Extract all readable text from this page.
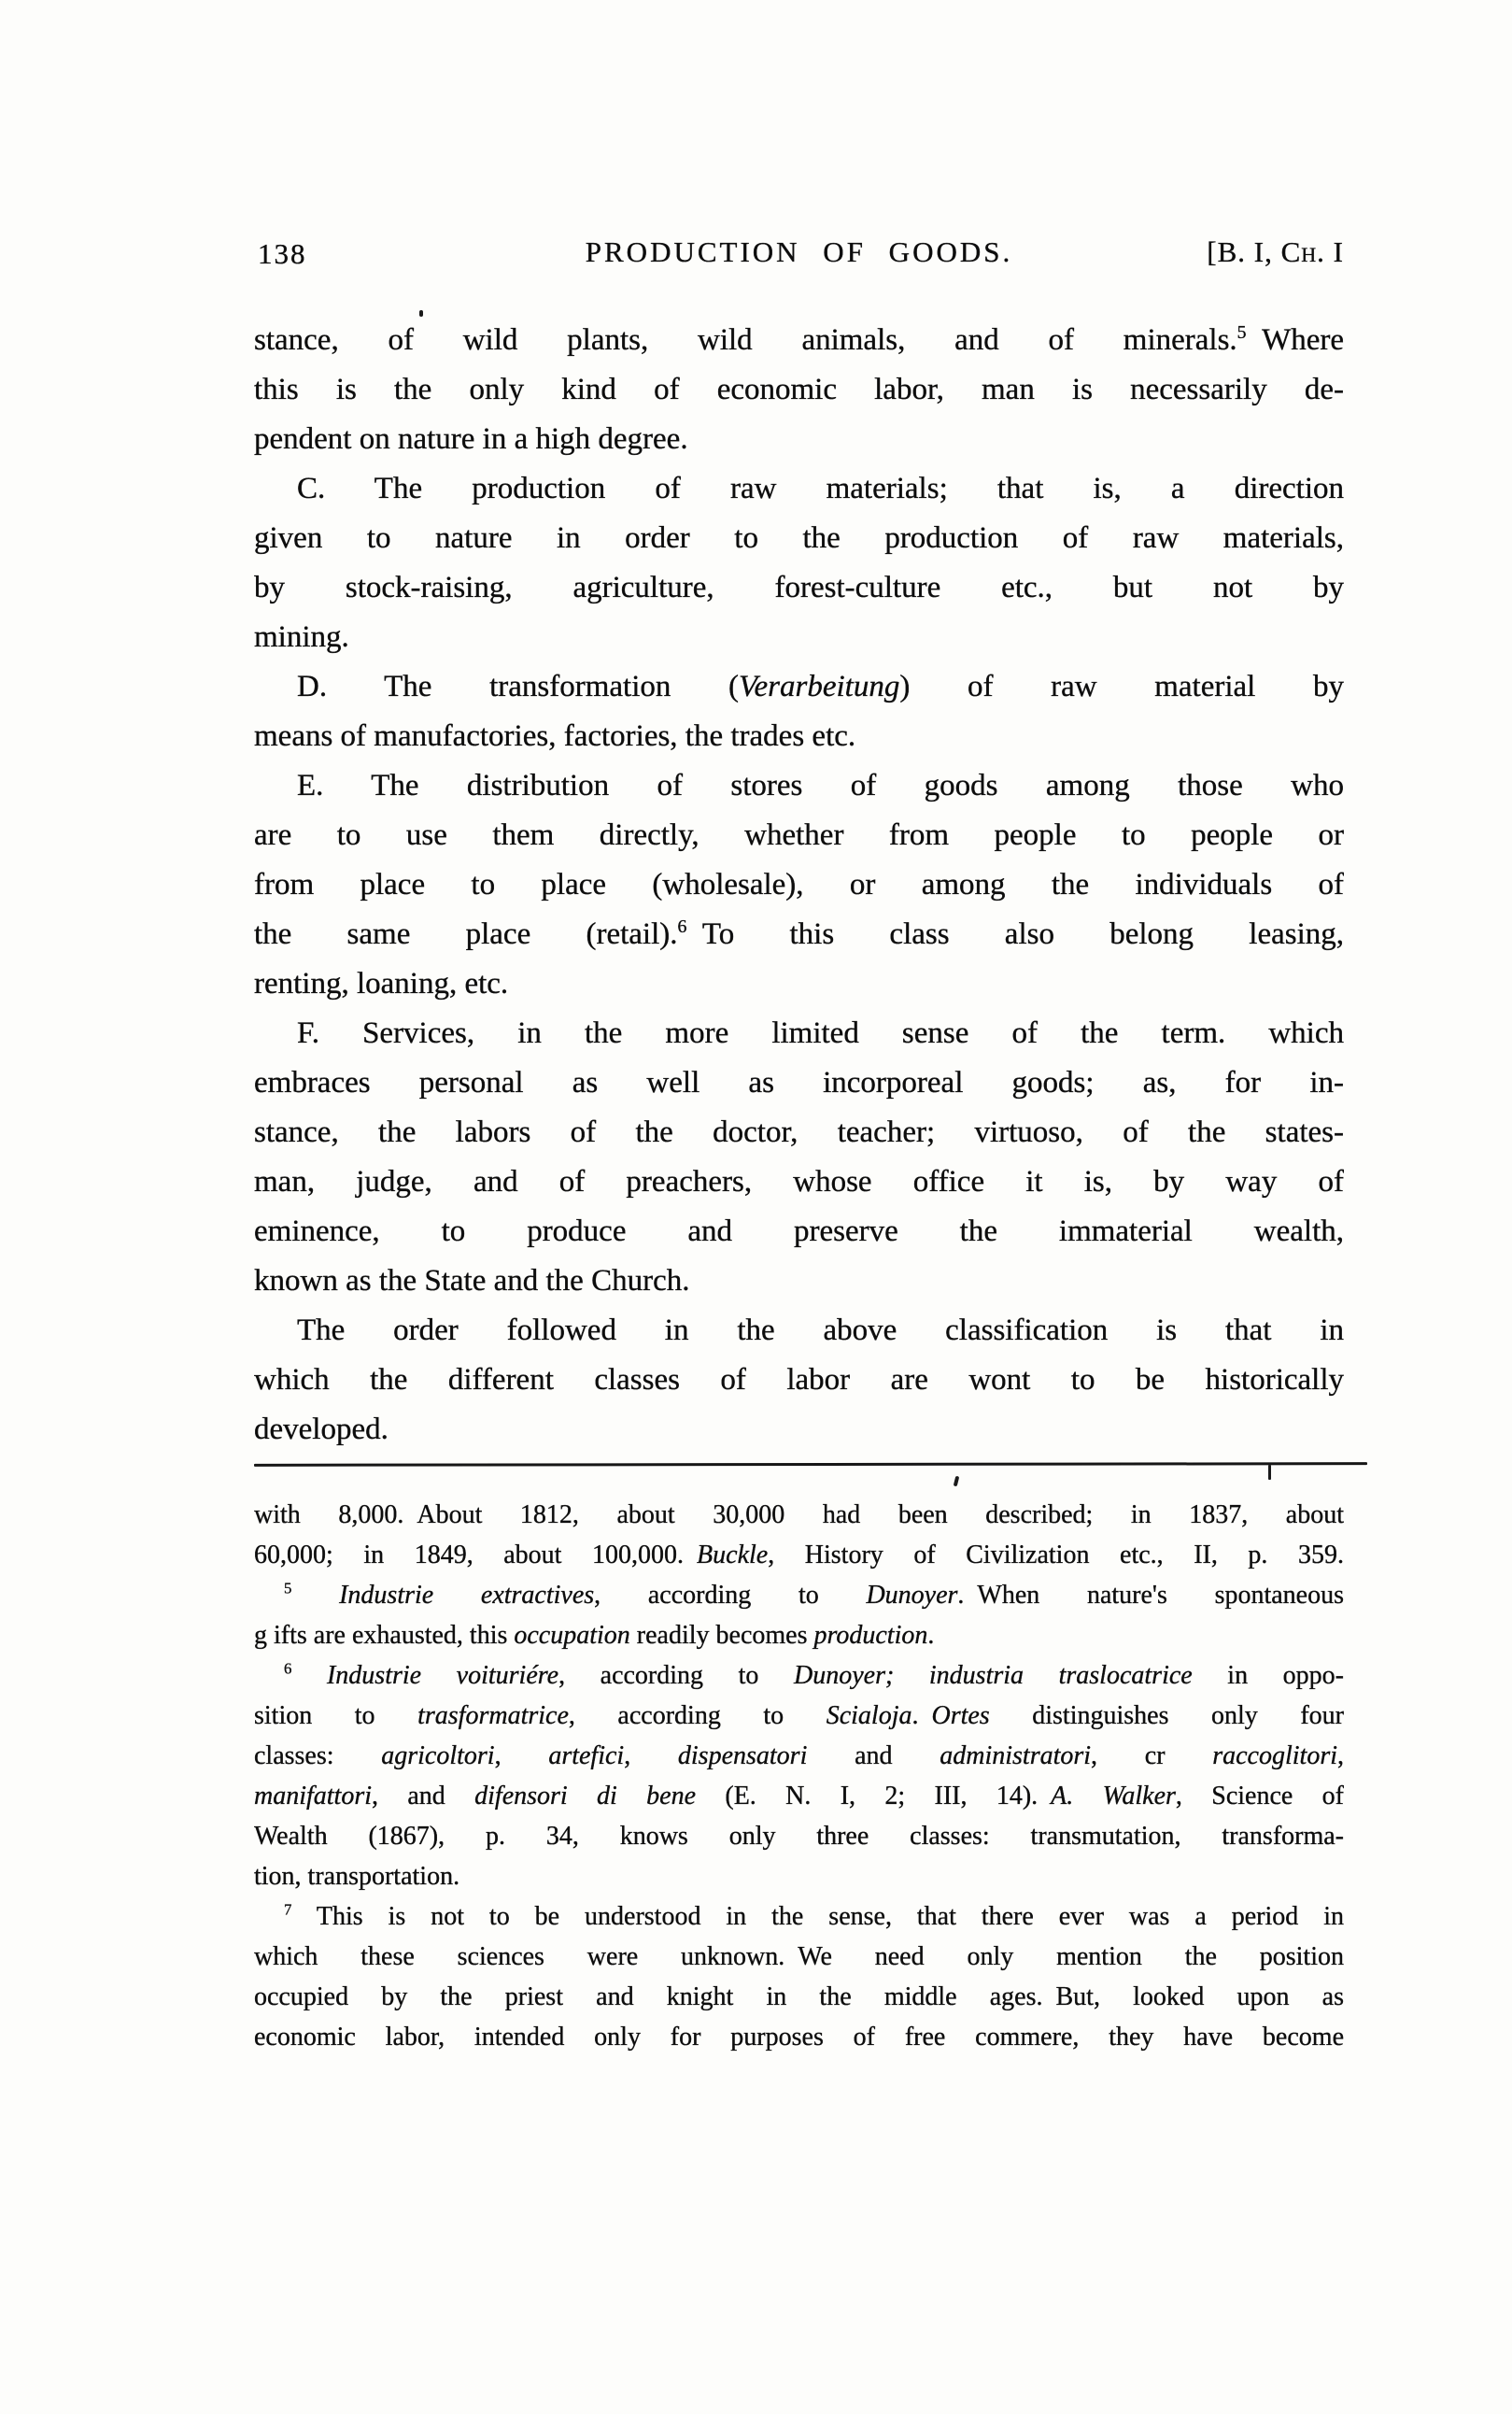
138	PRODUCTION OF GOODS.	[B. I, Ch. I
stance, of wild plants, wild animals, and of minerals.$^5$ Where
this is the only kind of economic labor, man is necessarily de-
pendent on nature in a high degree.
C. The production of raw materials; that is, a direction
given to nature in order to the production of raw materials,
by stock-raising, agriculture, forest-culture etc., but not by
mining.
D. The transformation (Verarbeitung) of raw material by
means of manufactories, factories, the trades etc.
E. The distribution of stores of goods among those who
are to use them directly, whether from people to people or
from place to place (wholesale), or among the individuals of
the same place (retail).$^6$ To this class also belong leasing,
renting, loaning, etc.
F. Services, in the more limited sense of the term. which
embraces personal as well as incorporeal goods; as, for in-
stance, the labors of the doctor, teacher; virtuoso, of the states-
man, judge, and of preachers, whose office it is, by way of
eminence, to produce and preserve the immaterial wealth,
known as the State and the Church.
The order followed in the above classification is that in
which the different classes of labor are wont to be historically
developed.
with 8,000. About 1812, about 30,000 had been described; in 1837, about
60,000; in 1849, about 100,000. Buckle, History of Civilization etc., II, p. 359.
$^5$ Industrie extractives, according to Dunoyer. When nature's spontaneous
g ifts are exhausted, this occupation readily becomes production.
$^6$ Industrie voituriére, according to Dunoyer; industria traslocatrice in oppo-
sition to trasformatrice, according to Scialoja. Ortes distinguishes only four
classes: agricoltori, artefici, dispensatori and administratori, cr raccoglitori,
manifattori, and difensori di bene (E. N. I, 2; III, 14). A. Walker, Science of
Wealth (1867), p. 34, knows only three classes: transmutation, transforma-
tion, transportation.
$^7$ This is not to be understood in the sense, that there ever was a period in
which these sciences were unknown. We need only mention the position
occupied by the priest and knight in the middle ages. But, looked upon as
economic labor, intended only for purposes of free commere, they have become
